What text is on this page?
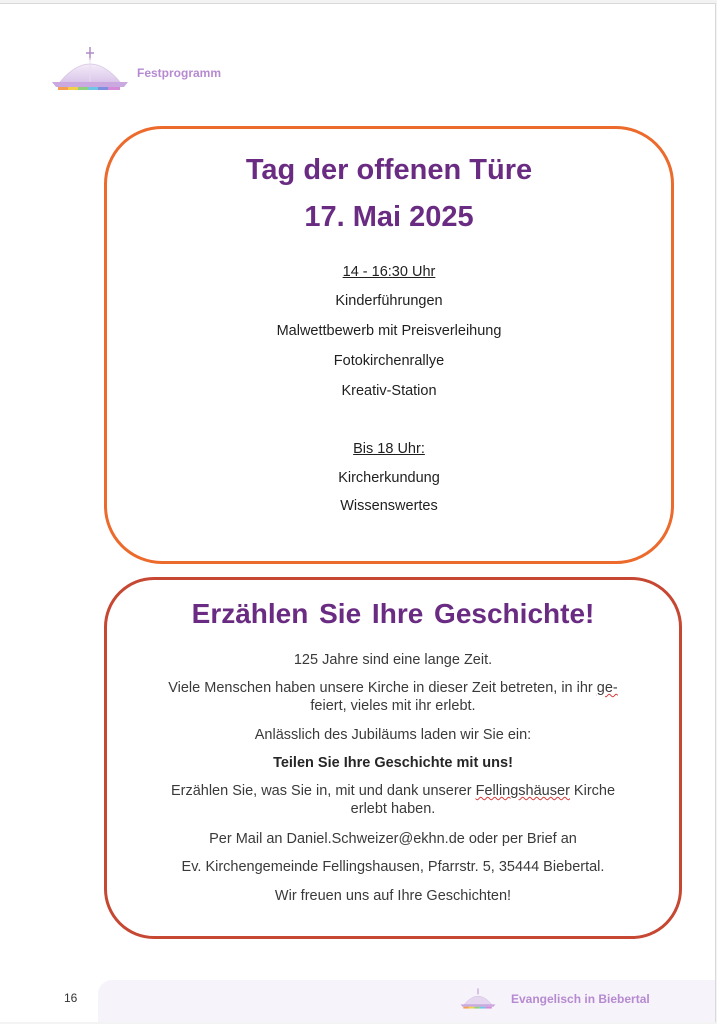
Festprogramm
Tag der offenen Türe
17. Mai 2025
14 - 16:30 Uhr
Kinderführungen
Malwettbewerb mit Preisverleihung
Fotokirchenrallye
Kreativ-Station
Bis 18 Uhr:
Kircherkundung
Wissenswertes
Erzählen Sie Ihre Geschichte!
125 Jahre sind eine lange Zeit.
Viele Menschen haben unsere Kirche in dieser Zeit betreten, in ihr ge-
feiert, vieles mit ihr erlebt.
Anlässlich des Jubiläums laden wir Sie ein:
Teilen Sie Ihre Geschichte mit uns!
Erzählen Sie, was Sie in, mit und dank unserer Fellingshäuser Kirche
erlebt haben.
Per Mail an Daniel.Schweizer@ekhn.de oder per Brief an
Ev. Kirchengemeinde Fellingshausen, Pfarrstr. 5, 35444 Biebertal.
Wir freuen uns auf Ihre Geschichten!
16	Evangelisch in Biebertal
